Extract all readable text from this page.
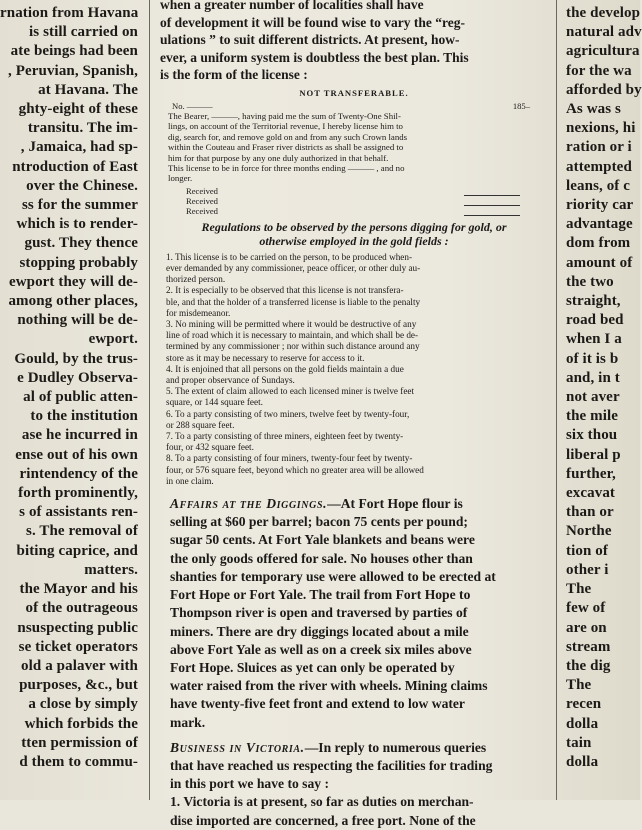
rnation from Havana
is still carried on
ate beings had been
, Peruvian, Spanish,
at Havana. The
ghty-eight of these
transitu. The im-
, Jamaica, had sp-
ntroduction of East
over the Chinese.
ss for the summer
which is to render-
gust. They thence
stopping probably
ewport they will de-
among other places,
nothing will be de-
ewport.
Gould, by the trus-
e Dudley Observa-
al of public atten-
to the institution
ase he incurred in
ense out of his own
rintendency of the
forth prominently,
s of assistants ren-
s. The removal of
biting caprice, and
matters.
the Mayor and his
of the outrageous
nsuspecting public
se ticket operators
old a palaver with
purposes, &c., but
a close by simply
which forbids the
tten permission of
d them to commu-
when a greater number of localities shall have
of development it will be found wise to vary the “reg-
ulations ” to suit different districts. At present, how-
ever, a uniform system is doubtless the best plan. This
is the form of the license :
NOT TRANSFERABLE.
No. ———	185–
The Bearer, ———, having paid me the sum of Twenty-One Shil-
lings, on account of the Territorial revenue, I hereby license him to
dig, search for, and remove gold on and from any such Crown lands
within the Couteau and Fraser river districts as shall be assigned to
him for that purpose by any one duly authorized in that behalf.
This license to be in force for three months ending ——— , and no
longer.
Received
Received
Received
Regulations to be observed by the persons digging for gold, or
otherwise employed in the gold fields :
1. This license is to be carried on the person, to be produced when-
ever demanded by any commissioner, peace officer, or other duly au-
thorized person.
2. It is especially to be observed that this license is not transfera-
ble, and that the holder of a transferred license is liable to the penalty
for misdemeanor.
3. No mining will be permitted where it would be destructive of any
line of road which it is necessary to maintain, and which shall be de-
termined by any commissioner ; nor within such distance around any
store as it may be necessary to reserve for access to it.
4. It is enjoined that all persons on the gold fields maintain a due
and proper observance of Sundays.
5. The extent of claim allowed to each licensed miner is twelve feet
square, or 144 square feet.
6. To a party consisting of two miners, twelve feet by twenty-four,
or 288 square feet.
7. To a party consisting of three miners, eighteen feet by twenty-
four, or 432 square feet.
8. To a party consisting of four miners, twenty-four feet by twenty-
four, or 576 square feet, beyond which no greater area will be allowed
in one claim.
Affairs at the Diggings.—At Fort Hope flour is
selling at $60 per barrel; bacon 75 cents per pound;
sugar 50 cents. At Fort Yale blankets and beans were
the only goods offered for sale. No houses other than
shanties for temporary use were allowed to be erected at
Fort Hope or Fort Yale. The trail from Fort Hope to
Thompson river is open and traversed by parties of
miners. There are dry diggings located about a mile
above Fort Yale as well as on a creek six miles above
Fort Hope. Sluices as yet can only be operated by
water raised from the river with wheels. Mining claims
have twenty-five feet front and extend to low water
mark.
Business in Victoria.—In reply to numerous queries
that have reached us respecting the facilities for trading
in this port we have to say :
1. Victoria is at present, so far as duties on merchan-
dise imported are concerned, a free port. None of the
the develop
natural adv
agricultura
for the wa
afforded by
As was s
nexions, hi
ration or i
attempted
leans, of c
riority car
advantage
dom from
amount of
the two
straight,
road bed
when I a
of it is b
and, in t
not aver
the mile
six thou
liberal p
further,
excavat
than or
Northe
tion of
other i
The
few of
are on
stream
the dig
The
recen
dolla
tain
dolla
